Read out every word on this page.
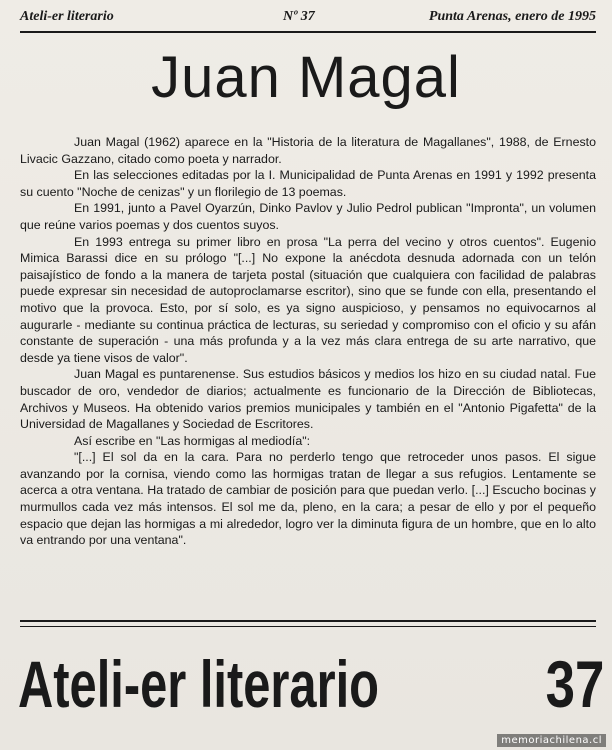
Ateli-er literario	Nº 37	Punta Arenas, enero de 1995
Juan Magal

Juan Magal (1962) aparece en la "Historia de la literatura de Magallanes", 1988, de Ernesto Livacic Gazzano, citado como poeta y narrador.

En las selecciones editadas por la I. Municipalidad de Punta Arenas en 1991 y 1992 presenta su cuento "Noche de cenizas" y un florilegio de 13 poemas.

En 1991, junto a Pavel Oyarzún, Dinko Pavlov y Julio Pedrol publican "Impronta", un volumen que reúne varios poemas y dos cuentos suyos.

En 1993 entrega su primer libro en prosa "La perra del vecino y otros cuentos". Eugenio Mimica Barassi dice en su prólogo "[...] No expone la anécdota desnuda adornada con un telón paisajístico de fondo a la manera de tarjeta postal (situación que cualquiera con facilidad de palabras puede expresar sin necesidad de autoproclamarse escritor), sino que se funde con ella, presentando el motivo que la provoca. Esto, por sí solo, es ya signo auspicioso, y pensamos no equivocarnos al augurarle - mediante su continua práctica de lecturas, su seriedad y compromiso con el oficio y su afán constante de superación - una más profunda y a la vez más clara entrega de su arte narrativo, que desde ya tiene visos de valor".

Juan Magal es puntarenense. Sus estudios básicos y medios los hizo en su ciudad natal. Fue buscador de oro, vendedor de diarios; actualmente es funcionario de la Dirección de Bibliotecas, Archivos y Museos. Ha obtenido varios premios municipales y también en el "Antonio Pigafetta" de la Universidad de Magallanes y Sociedad de Escritores.

Así escribe en "Las hormigas al mediodía":

"[...] El sol da en la cara. Para no perderlo tengo que retroceder unos pasos. El sigue avanzando por la cornisa, viendo como las hormigas tratan de llegar a sus refugios. Lentamente se acerca a otra ventana. Ha tratado de cambiar de posición para que puedan verlo. [...] Escucho bocinas y murmullos cada vez más intensos. El sol me da, pleno, en la cara; a pesar de ello y por el pequeño espacio que dejan las hormigas a mi alrededor, logro ver la diminuta figura de un hombre, que en lo alto va entrando por una ventana".

Ateli-er literario	37
memoriachilena.cl
